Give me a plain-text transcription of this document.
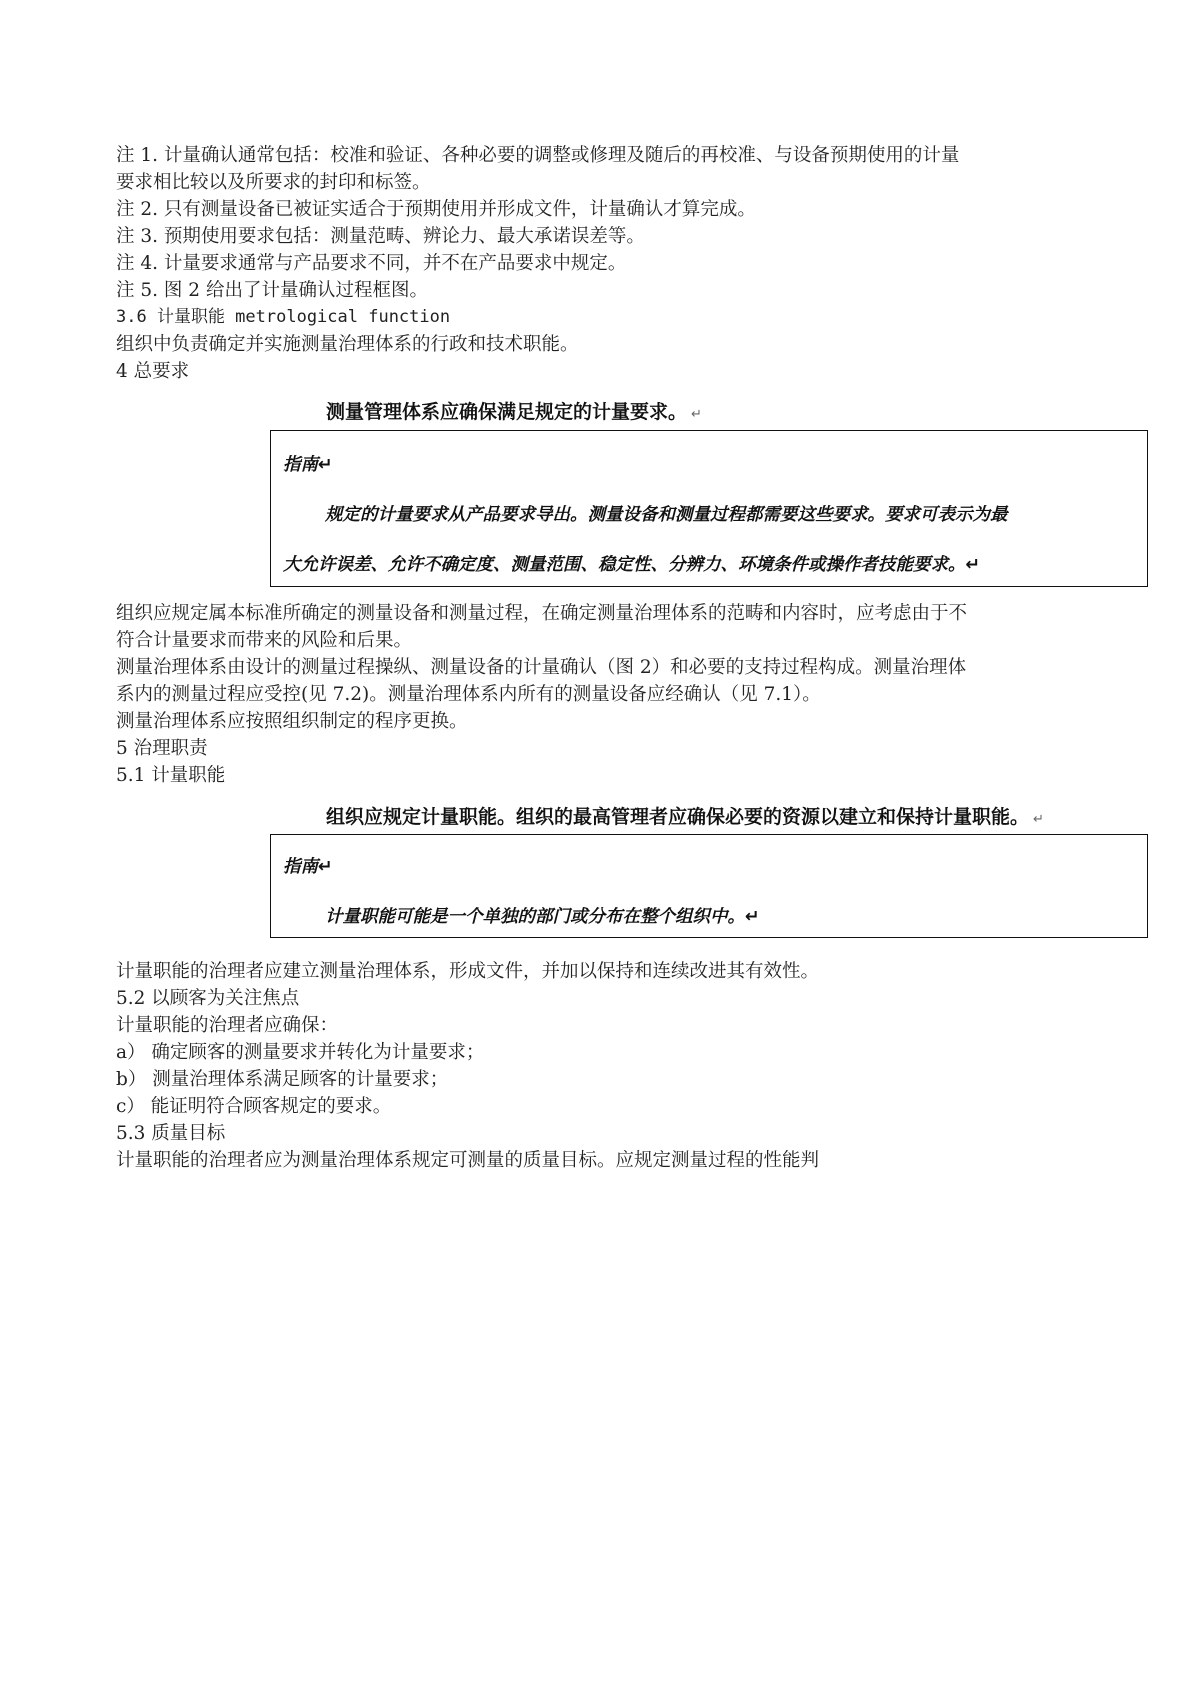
注 1. 计量确认通常包括：校准和验证、各种必要的调整或修理及随后的再校准、与设备预期使用的计量
要求相比较以及所要求的封印和标签。
注 2. 只有测量设备已被证实适合于预期使用并形成文件，计量确认才算完成。
注 3. 预期使用要求包括：测量范畴、辨论力、最大承诺误差等。
注 4. 计量要求通常与产品要求不同，并不在产品要求中规定。
注 5. 图 2 给出了计量确认过程框图。
3.6 计量职能 metrological function
组织中负责确定并实施测量治理体系的行政和技术职能。
4 总要求
测量管理体系应确保满足规定的计量要求。 ↵
指南↵
规定的计量要求从产品要求导出。测量设备和测量过程都需要这些要求。要求可表示为最
大允许误差、允许不确定度、测量范围、稳定性、分辨力、环境条件或操作者技能要求。↵
组织应规定属本标准所确定的测量设备和测量过程，在确定测量治理体系的范畴和内容时，应考虑由于不
符合计量要求而带来的风险和后果。
测量治理体系由设计的测量过程操纵、测量设备的计量确认（图 2）和必要的支持过程构成。测量治理体
系内的测量过程应受控(见 7.2)。测量治理体系内所有的测量设备应经确认（见 7.1）。
测量治理体系应按照组织制定的程序更换。
5 治理职责
5.1 计量职能
组织应规定计量职能。组织的最高管理者应确保必要的资源以建立和保持计量职能。 ↵
指南↵
计量职能可能是一个单独的部门或分布在整个组织中。↵
计量职能的治理者应建立测量治理体系，形成文件，并加以保持和连续改进其有效性。
5.2 以顾客为关注焦点
计量职能的治理者应确保：
a） 确定顾客的测量要求并转化为计量要求；
b） 测量治理体系满足顾客的计量要求；
c） 能证明符合顾客规定的要求。
5.3 质量目标
计量职能的治理者应为测量治理体系规定可测量的质量目标。应规定测量过程的性能判
